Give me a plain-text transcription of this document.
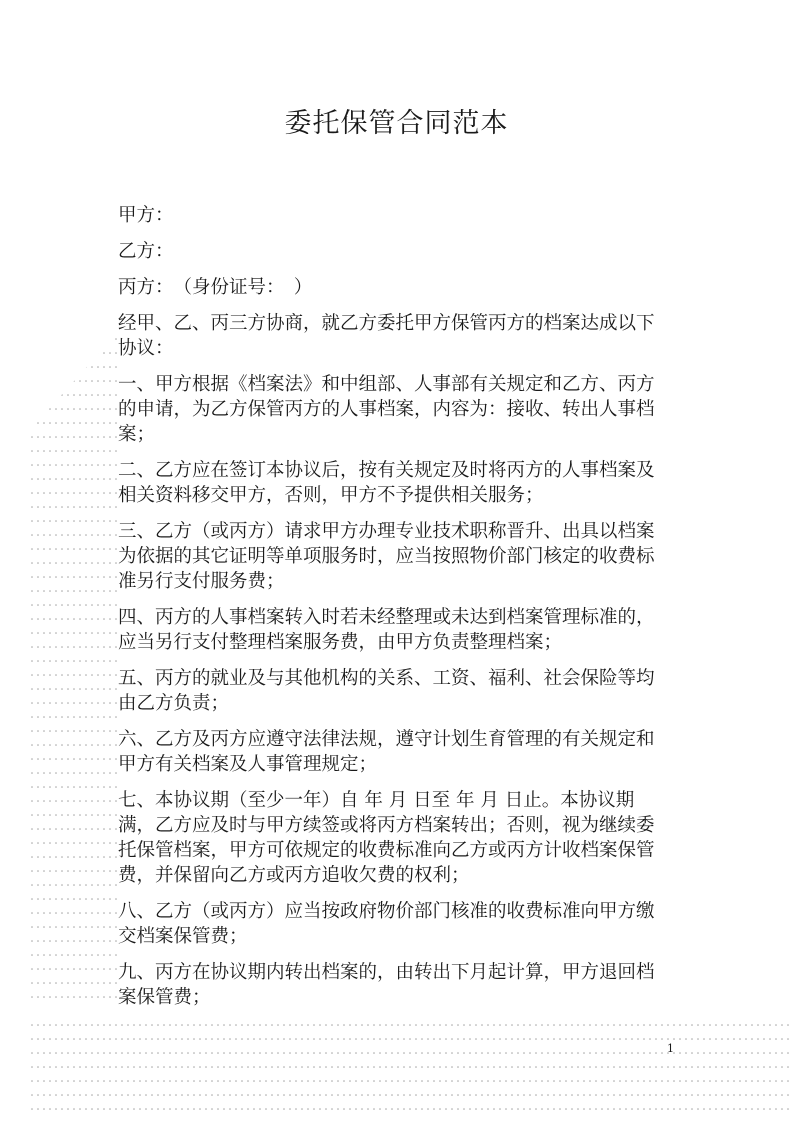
委托保管合同范本

甲方：

乙方：

丙方：　（身份证号：　）

经甲、乙、丙三方协商，就乙方委托甲方保管丙方的档案达成以下协议：

一、甲方根据《档案法》和中组部、人事部有关规定和乙方、丙方的申请，为乙方保管丙方的人事档案，内容为：接收、转出人事档案；

二、乙方应在签订本协议后，按有关规定及时将丙方的人事档案及相关资料移交甲方，否则，甲方不予提供相关服务；

三、乙方（或丙方）请求甲方办理专业技术职称晋升、出具以档案为依据的其它证明等单项服务时，应当按照物价部门核定的收费标准另行支付服务费；

四、丙方的人事档案转入时若未经整理或未达到档案管理标准的，应当另行支付整理档案服务费，由甲方负责整理档案；

五、丙方的就业及与其他机构的关系、工资、福利、社会保险等均由乙方负责；

六、乙方及丙方应遵守法律法规，遵守计划生育管理的有关规定和甲方有关档案及人事管理规定；

七、本协议期（至少一年）自 年 月 日至 年 月 日止。本协议期满，乙方应及时与甲方续签或将丙方档案转出；否则，视为继续委托保管档案，甲方可依规定的收费标准向乙方或丙方计收档案保管费，并保留向乙方或丙方追收欠费的权利；

八、乙方（或丙方）应当按政府物价部门核准的收费标准向甲方缴交档案保管费；

九、丙方在协议期内转出档案的，由转出下月起计算，甲方退回档案保管费；

1
